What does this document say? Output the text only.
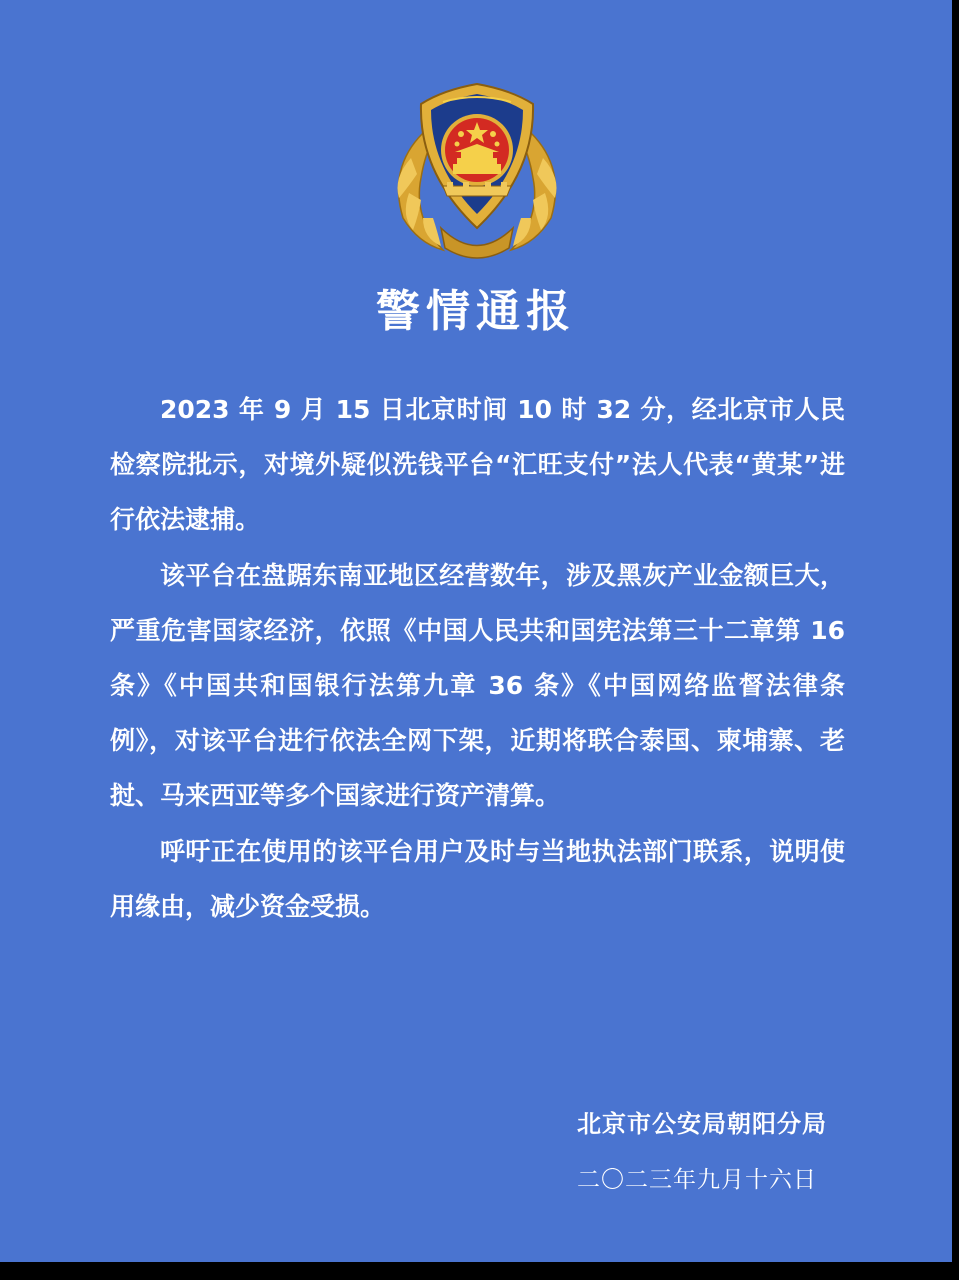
警情通报

2023 年 9 月 15 日北京时间 10 时 32 分，经北京市人民检察院批示，对境外疑似洗钱平台“汇旺支付”法人代表“黄某”进行依法逮捕。

该平台在盘踞东南亚地区经营数年，涉及黑灰产业金额巨大，严重危害国家经济，依照《中国人民共和国宪法第三十二章第 16 条》《中国共和国银行法第九章 36 条》《中国网络监督法律条例》，对该平台进行依法全网下架，近期将联合泰国、柬埔寨、老挝、马来西亚等多个国家进行资产清算。

呼吁正在使用的该平台用户及时与当地执法部门联系，说明使用缘由，减少资金受损。

北京市公安局朝阳分局
二〇二三年九月十六日
